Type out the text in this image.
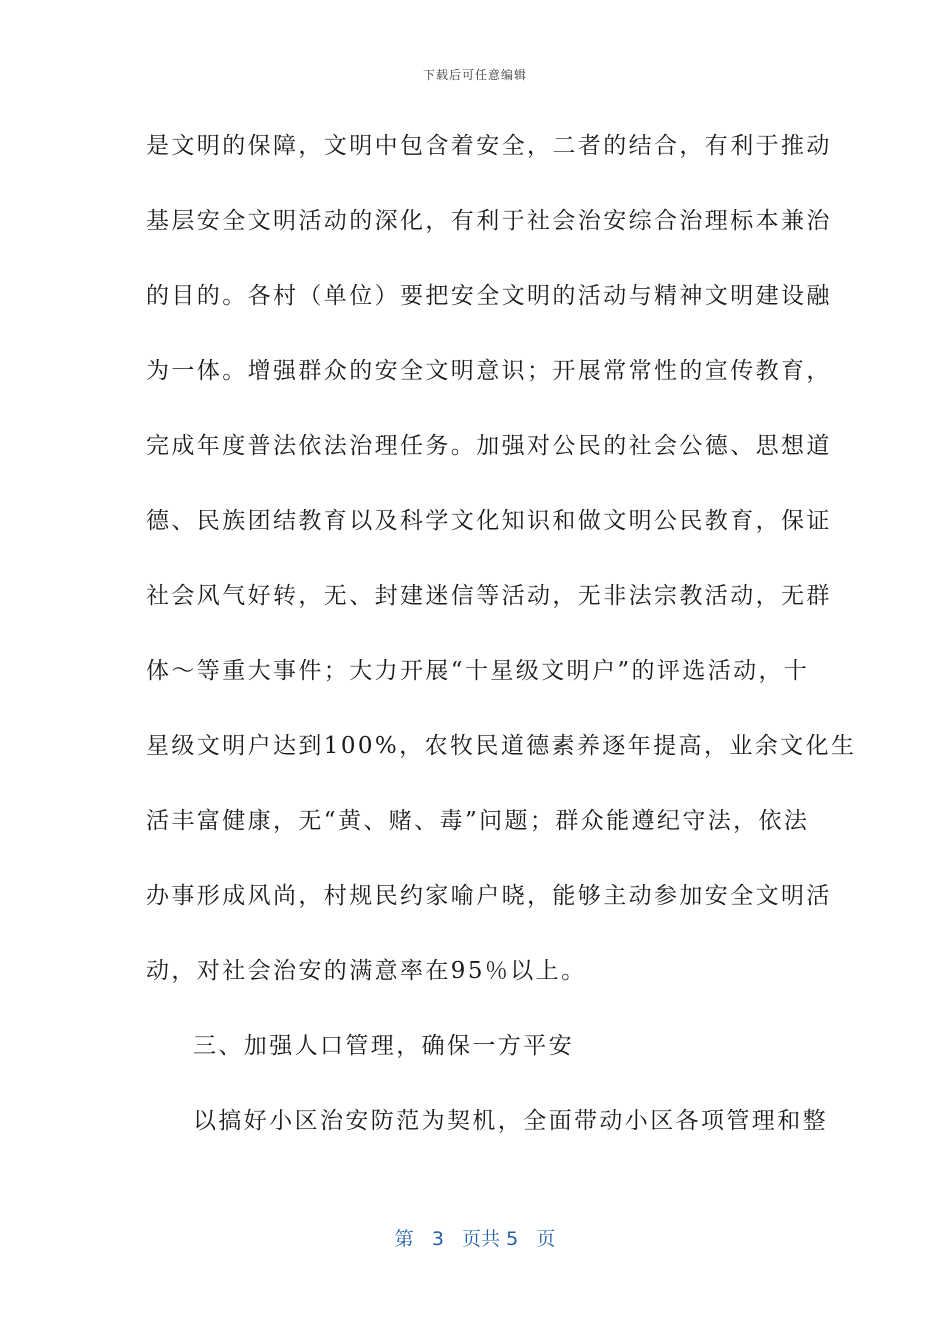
下载后可任意编辑
是文明的保障，文明中包含着安全，二者的结合，有利于推动
基层安全文明活动的深化，有利于社会治安综合治理标本兼治
的目的。各村（单位）要把安全文明的活动与精神文明建设融
为一体。增强群众的安全文明意识；开展常常性的宣传教育，
完成年度普法依法治理任务。加强对公民的社会公德、思想道
德、民族团结教育以及科学文化知识和做文明公民教育，保证
社会风气好转，无、封建迷信等活动，无非法宗教活动，无群
体～等重大事件；大力开展“十星级文明户”的评选活动，十
星级文明户达到100%，农牧民道德素养逐年提高，业余文化生
活丰富健康，无“黄、赌、毒”问题；群众能遵纪守法，依法
办事形成风尚，村规民约家喻户晓，能够主动参加安全文明活
动，对社会治安的满意率在95％以上。
三、加强人口管理，确保一方平安
以搞好小区治安防范为契机，全面带动小区各项管理和整
第 3 页共 5 页
